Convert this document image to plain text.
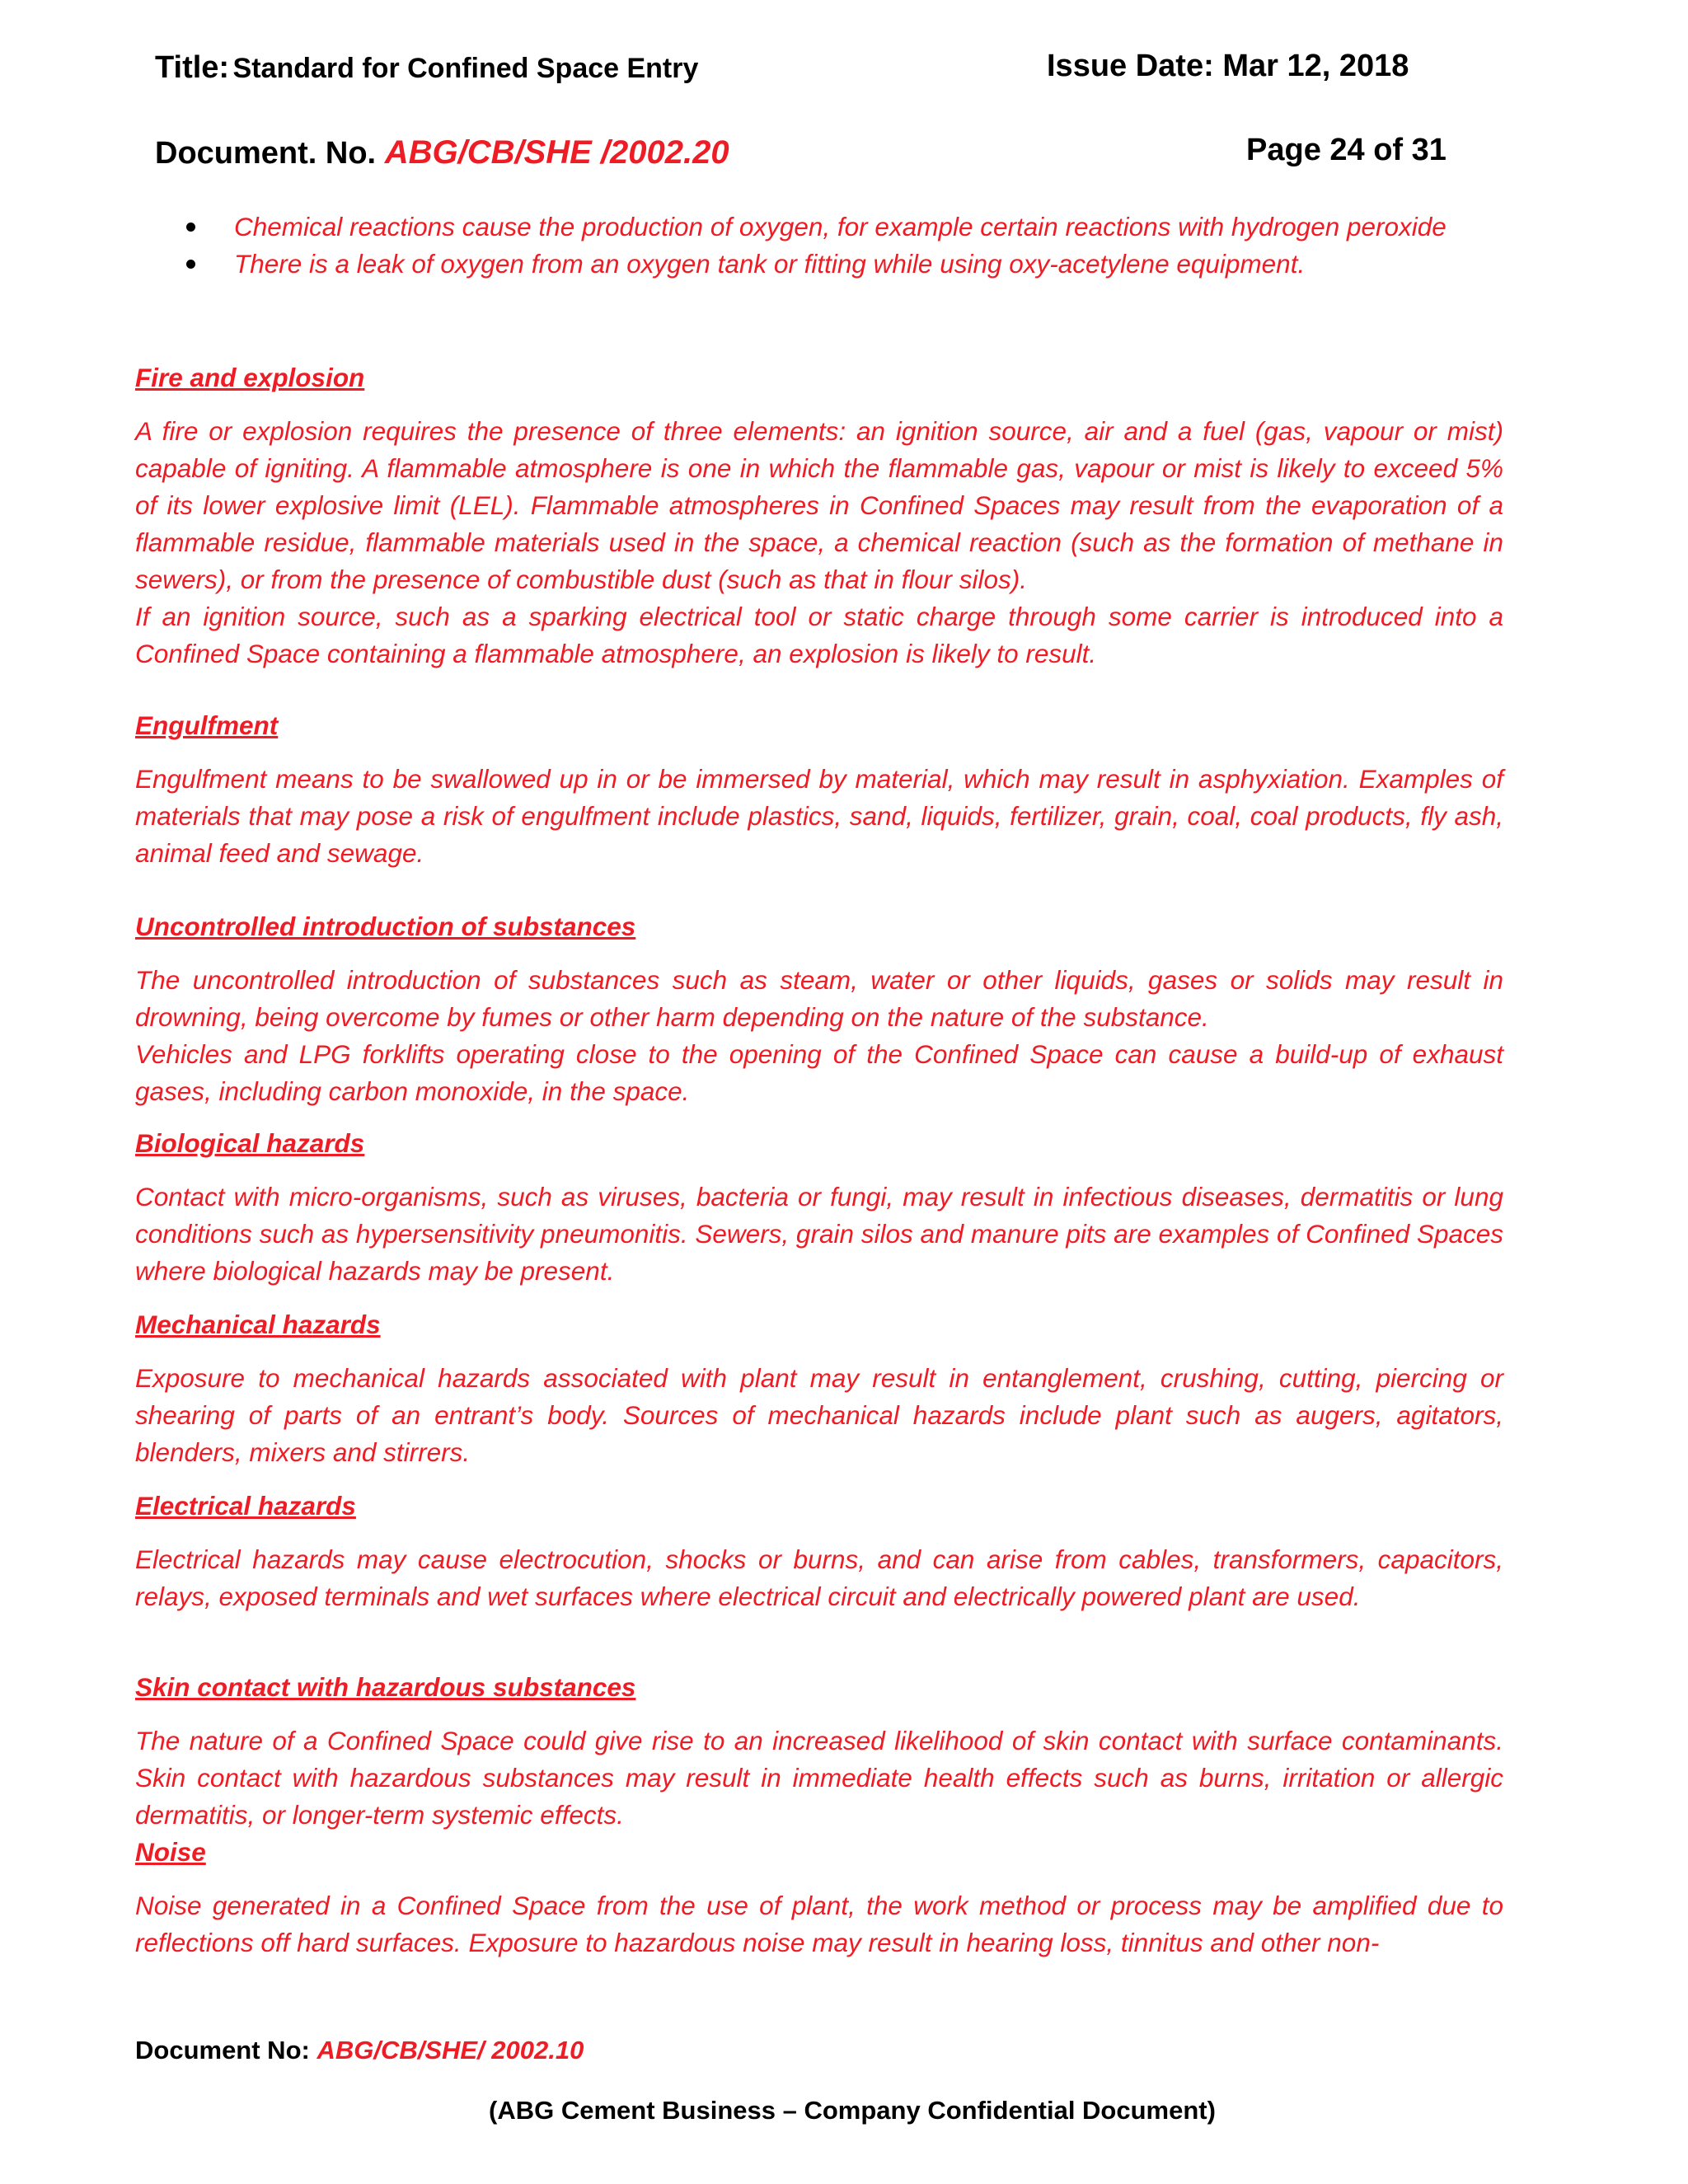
Title: Standard for Confined Space Entry	Issue Date: Mar 12, 2018
Document. No. ABG/CB/SHE /2002.20	Page 24 of 31
Chemical reactions cause the production of oxygen, for example certain reactions with hydrogen peroxide
There is a leak of oxygen from an oxygen tank or fitting while using oxy-acetylene equipment.
Fire and explosion

A fire or explosion requires the presence of three elements: an ignition source, air and a fuel (gas, vapour or mist) capable of igniting. A flammable atmosphere is one in which the flammable gas, vapour or mist is likely to exceed 5% of its lower explosive limit (LEL). Flammable atmospheres in Confined Spaces may result from the evaporation of a flammable residue, flammable materials used in the space, a chemical reaction (such as the formation of methane in sewers), or from the presence of combustible dust (such as that in flour silos).

If an ignition source, such as a sparking electrical tool or static charge through some carrier is introduced into a Confined Space containing a flammable atmosphere, an explosion is likely to result.

Engulfment

Engulfment means to be swallowed up in or be immersed by material, which may result in asphyxiation. Examples of materials that may pose a risk of engulfment include plastics, sand, liquids, fertilizer, grain, coal, coal products, fly ash, animal feed and sewage.

Uncontrolled introduction of substances

The uncontrolled introduction of substances such as steam, water or other liquids, gases or solids may result in drowning, being overcome by fumes or other harm depending on the nature of the substance.

Vehicles and LPG forklifts operating close to the opening of the Confined Space can cause a build-up of exhaust gases, including carbon monoxide, in the space.

Biological hazards

Contact with micro-organisms, such as viruses, bacteria or fungi, may result in infectious diseases, dermatitis or lung conditions such as hypersensitivity pneumonitis. Sewers, grain silos and manure pits are examples of Confined Spaces where biological hazards may be present.

Mechanical hazards

Exposure to mechanical hazards associated with plant may result in entanglement, crushing, cutting, piercing or shearing of parts of an entrant’s body. Sources of mechanical hazards include plant such as augers, agitators, blenders, mixers and stirrers.

Electrical hazards

Electrical hazards may cause electrocution, shocks or burns, and can arise from cables, transformers, capacitors, relays, exposed terminals and wet surfaces where electrical circuit and electrically powered plant are used.

Skin contact with hazardous substances

The nature of a Confined Space could give rise to an increased likelihood of skin contact with surface contaminants. Skin contact with hazardous substances may result in immediate health effects such as burns, irritation or allergic dermatitis, or longer-term systemic effects.

Noise

Noise generated in a Confined Space from the use of plant, the work method or process may be amplified due to reflections off hard surfaces. Exposure to hazardous noise may result in hearing loss, tinnitus and other non-

Document No: ABG/CB/SHE/ 2002.10
(ABG Cement Business – Company Confidential Document)
